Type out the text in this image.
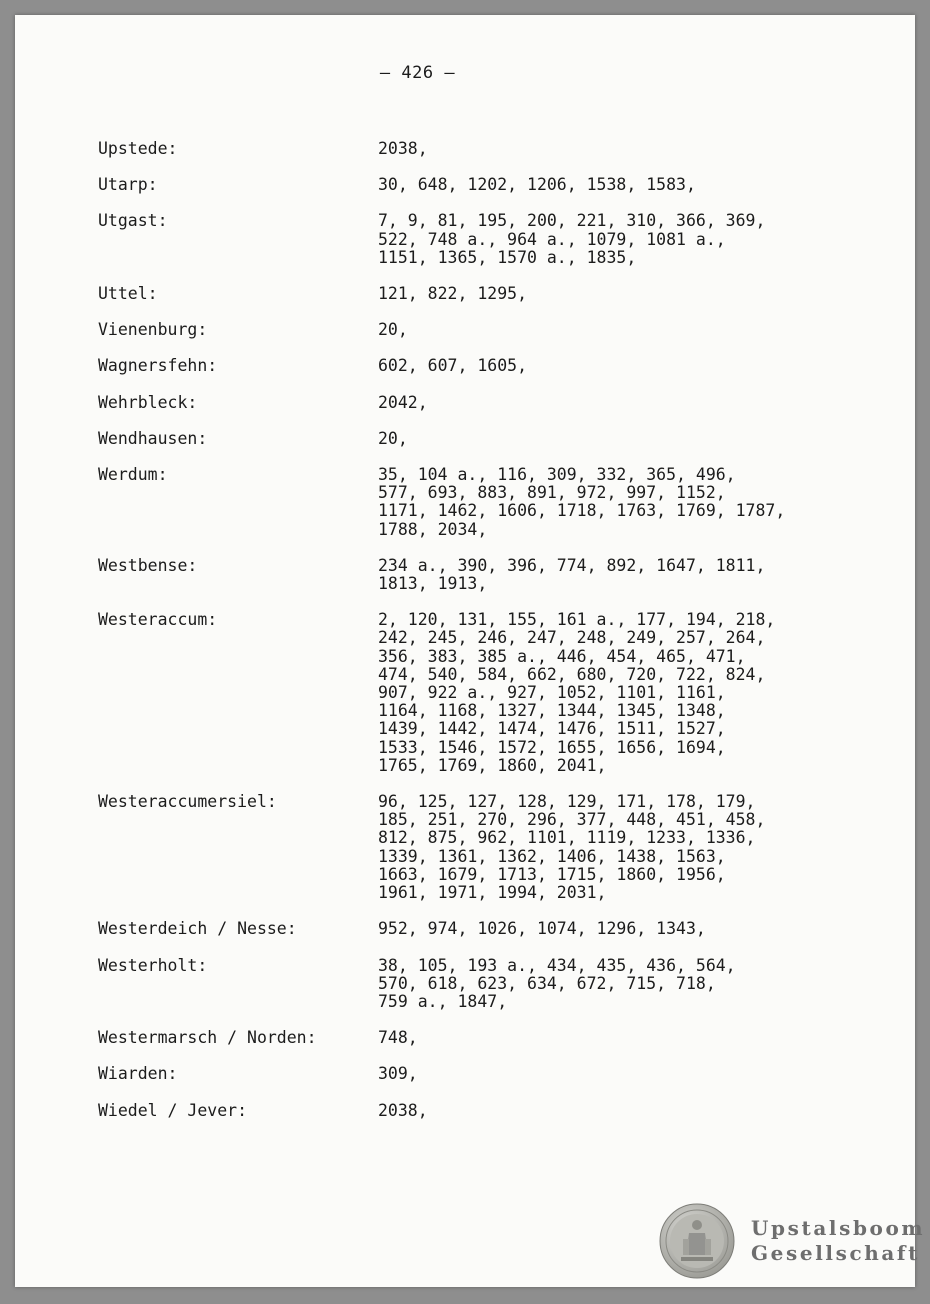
– 426 –
Upstede:	2038,
Utarp:	30, 648, 1202, 1206, 1538, 1583,
Utgast:	7, 9, 81, 195, 200, 221, 310, 366, 369,
522, 748 a., 964 a., 1079, 1081 a.,
1151, 1365, 1570 a., 1835,
Uttel:	121, 822, 1295,
Vienenburg:	20,
Wagnersfehn:	602, 607, 1605,
Wehrbleck:	2042,
Wendhausen:	20,
Werdum:	35, 104 a., 116, 309, 332, 365, 496,
577, 693, 883, 891, 972, 997, 1152,
1171, 1462, 1606, 1718, 1763, 1769, 1787,
1788, 2034,
Westbense:	234 a., 390, 396, 774, 892, 1647, 1811,
1813, 1913,
Westeraccum:	2, 120, 131, 155, 161 a., 177, 194, 218,
242, 245, 246, 247, 248, 249, 257, 264,
356, 383, 385 a., 446, 454, 465, 471,
474, 540, 584, 662, 680, 720, 722, 824,
907, 922 a., 927, 1052, 1101, 1161,
1164, 1168, 1327, 1344, 1345, 1348,
1439, 1442, 1474, 1476, 1511, 1527,
1533, 1546, 1572, 1655, 1656, 1694,
1765, 1769, 1860, 2041,
Westeraccumersiel:	96, 125, 127, 128, 129, 171, 178, 179,
185, 251, 270, 296, 377, 448, 451, 458,
812, 875, 962, 1101, 1119, 1233, 1336,
1339, 1361, 1362, 1406, 1438, 1563,
1663, 1679, 1713, 1715, 1860, 1956,
1961, 1971, 1994, 2031,
Westerdeich / Nesse:	952, 974, 1026, 1074, 1296, 1343,
Westerholt:	38, 105, 193 a., 434, 435, 436, 564,
570, 618, 623, 634, 672, 715, 718,
759 a., 1847,
Westermarsch / Norden:	748,
Wiarden:	309,
Wiedel / Jever:	2038,
Upstalsboom
Gesellschaft
